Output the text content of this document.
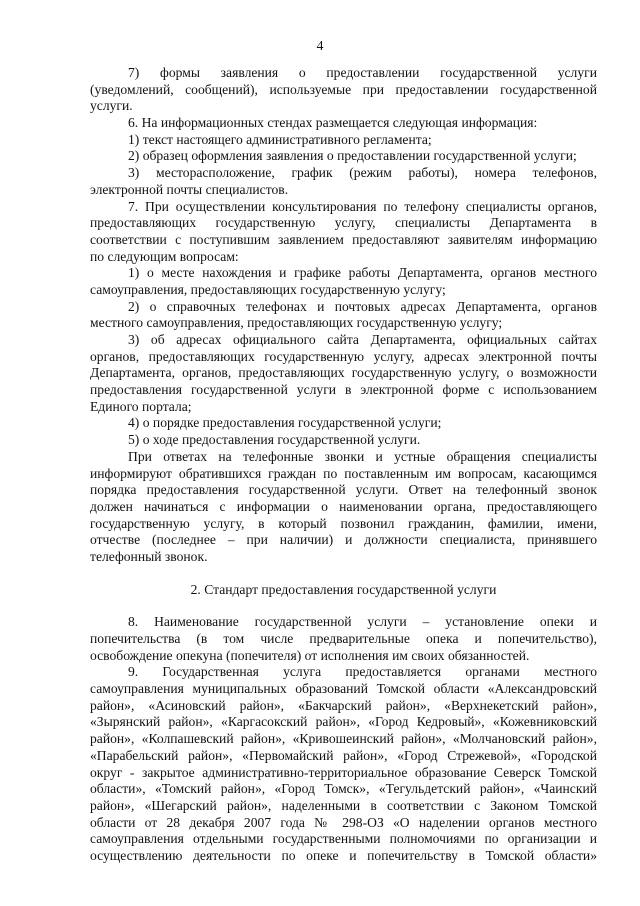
4
7) формы заявления о предоставлении государственной услуги
(уведомлений, сообщений), используемые при предоставлении государственной
услуги.
6. На информационных стендах размещается следующая информация:
1) текст настоящего административного регламента;
2) образец оформления заявления о предоставлении государственной услуги;
3) месторасположение, график (режим работы), номера телефонов,
электронной почты специалистов.
7. При осуществлении консультирования по телефону специалисты органов,
предоставляющих государственную услугу, специалисты Департамента в
соответствии с поступившим заявлением предоставляют заявителям информацию
по следующим вопросам:
1) о месте нахождения и графике работы Департамента, органов местного
самоуправления, предоставляющих государственную услугу;
2) о справочных телефонах и почтовых адресах Департамента, органов
местного самоуправления, предоставляющих государственную услугу;
3) об адресах официального сайта Департамента, официальных сайтах
органов, предоставляющих государственную услугу, адресах электронной почты
Департамента, органов, предоставляющих государственную услугу, о возможности
предоставления государственной услуги в электронной форме с использованием
Единого портала;
4) о порядке предоставления государственной услуги;
5) о ходе предоставления государственной услуги.
При ответах на телефонные звонки и устные обращения специалисты
информируют обратившихся граждан по поставленным им вопросам, касающимся
порядка предоставления государственной услуги. Ответ на телефонный звонок
должен начинаться с информации о наименовании органа, предоставляющего
государственную услугу, в который позвонил гражданин, фамилии, имени,
отчестве (последнее – при наличии) и должности специалиста, принявшего
телефонный звонок.
2. Стандарт предоставления государственной услуги
8. Наименование государственной услуги – установление опеки и
попечительства (в том числе предварительные опека и попечительство),
освобождение опекуна (попечителя) от исполнения им своих обязанностей.
9. Государственная услуга предоставляется органами местного
самоуправления муниципальных образований Томской области «Александровский
район», «Асиновский район», «Бакчарский район», «Верхнекетский район»,
«Зырянский район», «Каргасокский район», «Город Кедровый», «Кожевниковский
район», «Колпашевский район», «Кривошеинский район», «Молчановский район»,
«Парабельский район», «Первомайский район», «Город Стрежевой», «Городской
округ - закрытое административно-территориальное образование Северск Томской
области», «Томский район», «Город Томск», «Тегульдетский район», «Чаинский
район», «Шегарский район», наделенными в соответствии с Законом Томской
области от 28 декабря 2007 года № 298-ОЗ «О наделении органов местного
самоуправления отдельными государственными полномочиями по организации и
осуществлению деятельности по опеке и попечительству в Томской области»
